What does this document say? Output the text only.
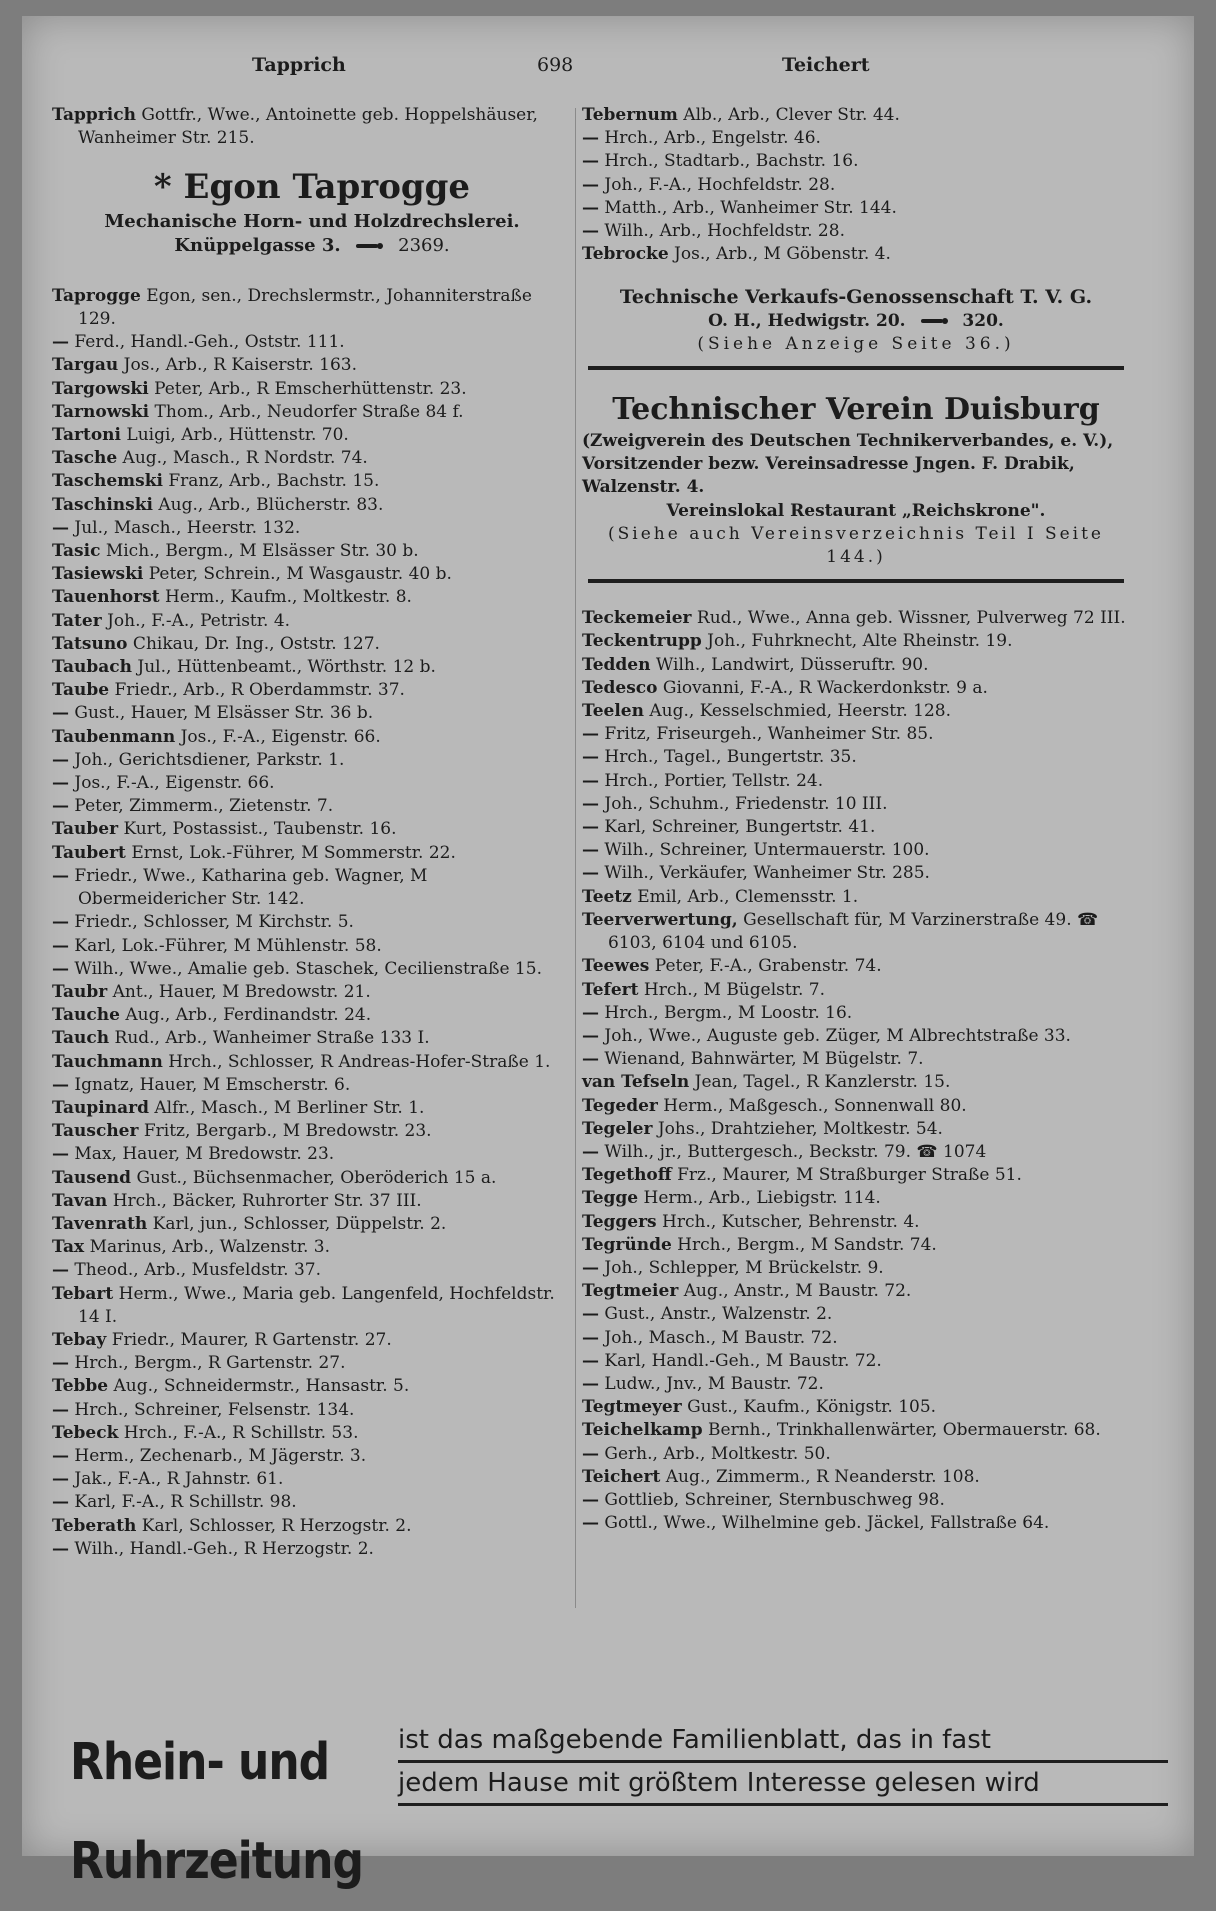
Tapprich	698	Teichert

Tapprich Gottfr., Wwe., Antoinette geb. Hoppelshäuser, Wanheimer Str. 215.

* Egon Taprogge
Mechanische Horn- und Holzdrechslerei.
Knüppelgasse 3.	2369.

Taprogge Egon, sen., Drechslermstr., Johanniterstraße 129.

— Ferd., Handl.-Geh., Oststr. 111.

Targau Jos., Arb., R Kaiserstr. 163.

Targowski Peter, Arb., R Emscherhüttenstr. 23.

Tarnowski Thom., Arb., Neudorfer Straße 84 f.

Tartoni Luigi, Arb., Hüttenstr. 70.

Tasche Aug., Masch., R Nordstr. 74.

Taschemski Franz, Arb., Bachstr. 15.

Taschinski Aug., Arb., Blücherstr. 83.

— Jul., Masch., Heerstr. 132.

Tasic Mich., Bergm., M Elsässer Str. 30 b.

Tasiewski Peter, Schrein., M Wasgaustr. 40 b.

Tauenhorst Herm., Kaufm., Moltkestr. 8.

Tater Joh., F.-A., Petristr. 4.

Tatsuno Chikau, Dr. Ing., Oststr. 127.

Taubach Jul., Hüttenbeamt., Wörthstr. 12 b.

Taube Friedr., Arb., R Oberdammstr. 37.

— Gust., Hauer, M Elsässer Str. 36 b.

Taubenmann Jos., F.-A., Eigenstr. 66.

— Joh., Gerichtsdiener, Parkstr. 1.

— Jos., F.-A., Eigenstr. 66.

— Peter, Zimmerm., Zietenstr. 7.

Tauber Kurt, Postassist., Taubenstr. 16.

Taubert Ernst, Lok.-Führer, M Sommerstr. 22.

— Friedr., Wwe., Katharina geb. Wagner, M Obermeidericher Str. 142.

— Friedr., Schlosser, M Kirchstr. 5.

— Karl, Lok.-Führer, M Mühlenstr. 58.

— Wilh., Wwe., Amalie geb. Staschek, Cecilienstraße 15.

Taubr Ant., Hauer, M Bredowstr. 21.

Tauche Aug., Arb., Ferdinandstr. 24.

Tauch Rud., Arb., Wanheimer Straße 133 I.

Tauchmann Hrch., Schlosser, R Andreas-Hofer-Straße 1.

— Ignatz, Hauer, M Emscherstr. 6.

Taupinard Alfr., Masch., M Berliner Str. 1.

Tauscher Fritz, Bergarb., M Bredowstr. 23.

— Max, Hauer, M Bredowstr. 23.

Tausend Gust., Büchsenmacher, Oberöderich 15 a.

Tavan Hrch., Bäcker, Ruhrorter Str. 37 III.

Tavenrath Karl, jun., Schlosser, Düppelstr. 2.

Tax Marinus, Arb., Walzenstr. 3.

— Theod., Arb., Musfeldstr. 37.

Tebart Herm., Wwe., Maria geb. Langenfeld, Hochfeldstr. 14 I.

Tebay Friedr., Maurer, R Gartenstr. 27.

— Hrch., Bergm., R Gartenstr. 27.

Tebbe Aug., Schneidermstr., Hansastr. 5.

— Hrch., Schreiner, Felsenstr. 134.

Tebeck Hrch., F.-A., R Schillstr. 53.

— Herm., Zechenarb., M Jägerstr. 3.

— Jak., F.-A., R Jahnstr. 61.

— Karl, F.-A., R Schillstr. 98.

Teberath Karl, Schlosser, R Herzogstr. 2.

— Wilh., Handl.-Geh., R Herzogstr. 2.

Tebernum Alb., Arb., Clever Str. 44.

— Hrch., Arb., Engelstr. 46.

— Hrch., Stadtarb., Bachstr. 16.

— Joh., F.-A., Hochfeldstr. 28.

— Matth., Arb., Wanheimer Str. 144.

— Wilh., Arb., Hochfeldstr. 28.

Tebrocke Jos., Arb., M Göbenstr. 4.

Technische Verkaufs-Genossenschaft T. V. G.
O. H., Hedwigstr. 20.	320.
(Siehe Anzeige Seite 36.)
Technischer Verein Duisburg

(Zweigverein des Deutschen Technikerverbandes, e. V.), Vorsitzender bezw. Vereinsadresse Jngen. F. Drabik, Walzenstr. 4.

Vereinslokal Restaurant „Reichskrone".

(Siehe auch Vereinsverzeichnis Teil I Seite 144.)

Teckemeier Rud., Wwe., Anna geb. Wissner, Pulverweg 72 III.

Teckentrupp Joh., Fuhrknecht, Alte Rheinstr. 19.

Tedden Wilh., Landwirt, Düsseruftr. 90.

Tedesco Giovanni, F.-A., R Wackerdonkstr. 9 a.

Teelen Aug., Kesselschmied, Heerstr. 128.

— Fritz, Friseurgeh., Wanheimer Str. 85.

— Hrch., Tagel., Bungertstr. 35.

— Hrch., Portier, Tellstr. 24.

— Joh., Schuhm., Friedenstr. 10 III.

— Karl, Schreiner, Bungertstr. 41.

— Wilh., Schreiner, Untermauerstr. 100.

— Wilh., Verkäufer, Wanheimer Str. 285.

Teetz Emil, Arb., Clemensstr. 1.

Teerverwertung, Gesellschaft für, M Varzinerstraße 49. ☎ 6103, 6104 und 6105.

Teewes Peter, F.-A., Grabenstr. 74.

Tefert Hrch., M Bügelstr. 7.

— Hrch., Bergm., M Loostr. 16.

— Joh., Wwe., Auguste geb. Züger, M Albrechtstraße 33.

— Wienand, Bahnwärter, M Bügelstr. 7.

van Tefseln Jean, Tagel., R Kanzlerstr. 15.

Tegeder Herm., Maßgesch., Sonnenwall 80.

Tegeler Johs., Drahtzieher, Moltkestr. 54.

— Wilh., jr., Buttergesch., Beckstr. 79. ☎ 1074

Tegethoff Frz., Maurer, M Straßburger Straße 51.

Tegge Herm., Arb., Liebigstr. 114.

Teggers Hrch., Kutscher, Behrenstr. 4.

Tegründe Hrch., Bergm., M Sandstr. 74.

— Joh., Schlepper, M Brückelstr. 9.

Tegtmeier Aug., Anstr., M Baustr. 72.

— Gust., Anstr., Walzenstr. 2.

— Joh., Masch., M Baustr. 72.

— Karl, Handl.-Geh., M Baustr. 72.

— Ludw., Jnv., M Baustr. 72.

Tegtmeyer Gust., Kaufm., Königstr. 105.

Teichelkamp Bernh., Trinkhallenwärter, Obermauerstr. 68.

— Gerh., Arb., Moltkestr. 50.

Teichert Aug., Zimmerm., R Neanderstr. 108.

— Gottlieb, Schreiner, Sternbuschweg 98.

— Gottl., Wwe., Wilhelmine geb. Jäckel, Fallstraße 64.

Rhein- und Ruhrzeitung
ist das maßgebende Familienblatt, das in fast
jedem Hause mit größtem Interesse gelesen wird
